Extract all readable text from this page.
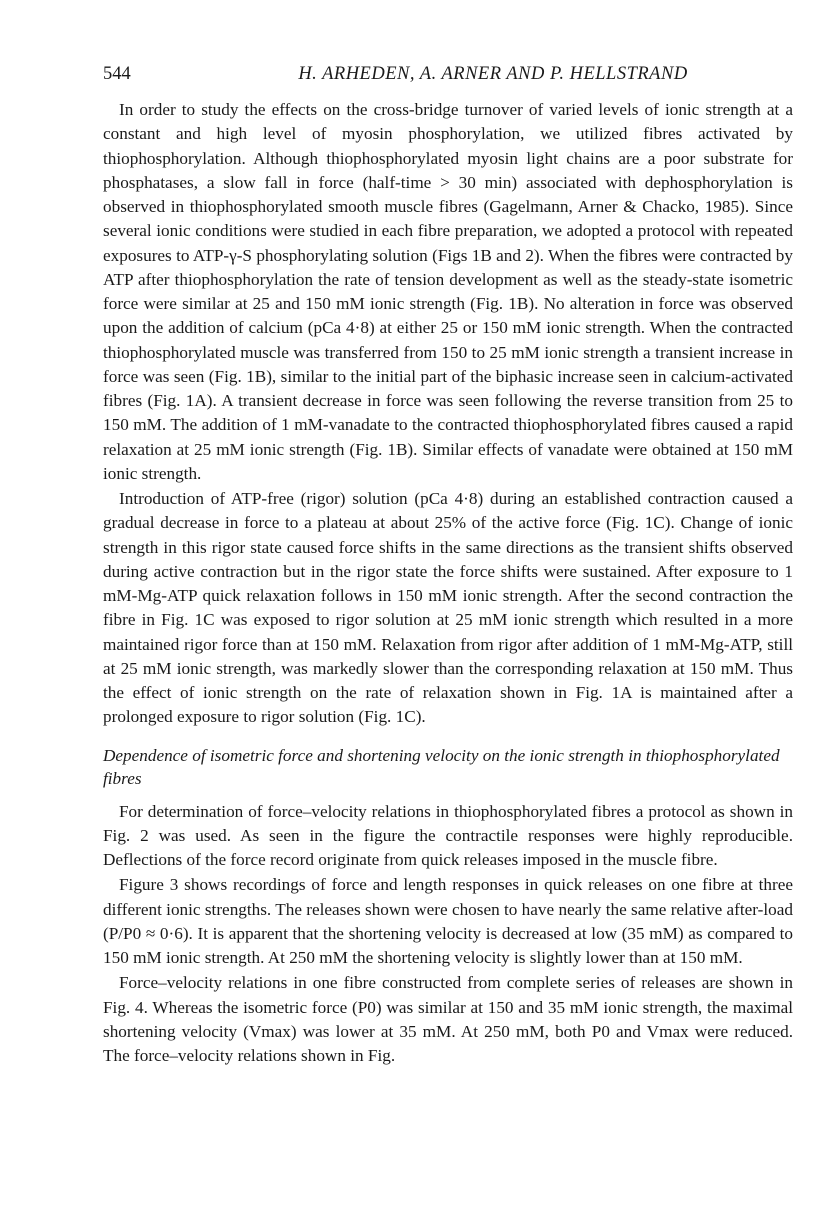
544	H. ARHEDEN, A. ARNER AND P. HELLSTRAND

In order to study the effects on the cross-bridge turnover of varied levels of ionic strength at a constant and high level of myosin phosphorylation, we utilized fibres activated by thiophosphorylation. Although thiophosphorylated myosin light chains are a poor substrate for phosphatases, a slow fall in force (half-time > 30 min) associated with dephosphorylation is observed in thiophosphorylated smooth muscle fibres (Gagelmann, Arner & Chacko, 1985). Since several ionic conditions were studied in each fibre preparation, we adopted a protocol with repeated exposures to ATP-γ-S phosphorylating solution (Figs 1B and 2). When the fibres were contracted by ATP after thiophosphorylation the rate of tension development as well as the steady-state isometric force were similar at 25 and 150 mM ionic strength (Fig. 1B). No alteration in force was observed upon the addition of calcium (pCa 4·8) at either 25 or 150 mM ionic strength. When the contracted thiophosphorylated muscle was transferred from 150 to 25 mM ionic strength a transient increase in force was seen (Fig. 1B), similar to the initial part of the biphasic increase seen in calcium-activated fibres (Fig. 1A). A transient decrease in force was seen following the reverse transition from 25 to 150 mM. The addition of 1 mM-vanadate to the contracted thiophosphorylated fibres caused a rapid relaxation at 25 mM ionic strength (Fig. 1B). Similar effects of vanadate were obtained at 150 mM ionic strength.

Introduction of ATP-free (rigor) solution (pCa 4·8) during an established contraction caused a gradual decrease in force to a plateau at about 25% of the active force (Fig. 1C). Change of ionic strength in this rigor state caused force shifts in the same directions as the transient shifts observed during active contraction but in the rigor state the force shifts were sustained. After exposure to 1 mM-Mg-ATP quick relaxation follows in 150 mM ionic strength. After the second contraction the fibre in Fig. 1C was exposed to rigor solution at 25 mM ionic strength which resulted in a more maintained rigor force than at 150 mM. Relaxation from rigor after addition of 1 mM-Mg-ATP, still at 25 mM ionic strength, was markedly slower than the corresponding relaxation at 150 mM. Thus the effect of ionic strength on the rate of relaxation shown in Fig. 1A is maintained after a prolonged exposure to rigor solution (Fig. 1C).

Dependence of isometric force and shortening velocity on the ionic strength in thiophosphorylated fibres

For determination of force–velocity relations in thiophosphorylated fibres a protocol as shown in Fig. 2 was used. As seen in the figure the contractile responses were highly reproducible. Deflections of the force record originate from quick releases imposed in the muscle fibre.

Figure 3 shows recordings of force and length responses in quick releases on one fibre at three different ionic strengths. The releases shown were chosen to have nearly the same relative after-load (P/P0 ≈ 0·6). It is apparent that the shortening velocity is decreased at low (35 mM) as compared to 150 mM ionic strength. At 250 mM the shortening velocity is slightly lower than at 150 mM.

Force–velocity relations in one fibre constructed from complete series of releases are shown in Fig. 4. Whereas the isometric force (P0) was similar at 150 and 35 mM ionic strength, the maximal shortening velocity (Vmax) was lower at 35 mM. At 250 mM, both P0 and Vmax were reduced. The force–velocity relations shown in Fig.
